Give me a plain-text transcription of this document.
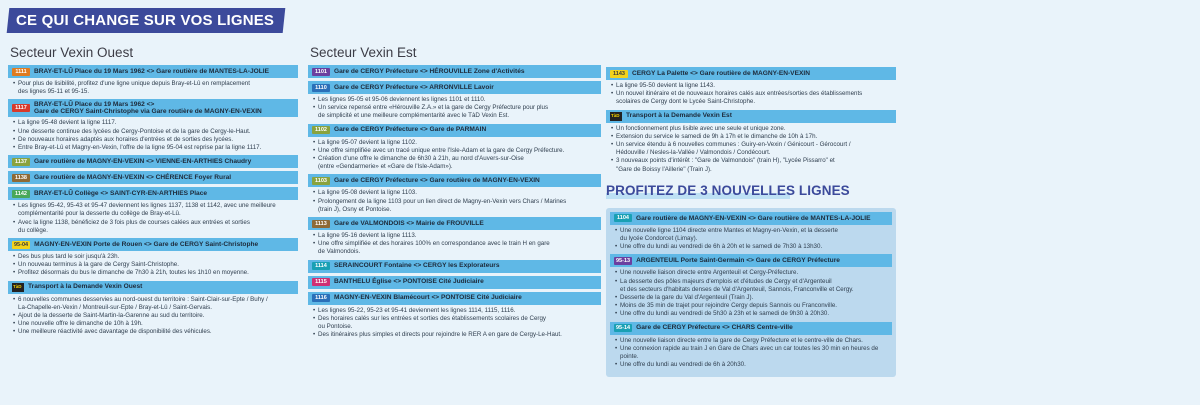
CE QUI CHANGE SUR VOS LIGNES
Secteur Vexin Ouest
1111	BRAY-ET-LÛ Place du 19 Mars 1962 <> Gare routière de MANTES-LA-JOLIE
• Pour plus de lisibilité, profitez d'une ligne unique depuis Bray-et-Lû en remplacement
des lignes 95-11 et 95-15.
1117
BRAY-ET-LÛ Place du 19 Mars 1962 <>
Gare de CERGY Saint-Christophe via Gare routière de MAGNY-EN-VEXIN
• La ligne 95-48 devient la ligne 1117.
• Une desserte continue des lycées de Cergy-Pontoise et de la gare de Cergy-le-Haut.
• De nouveaux horaires adaptés aux horaires d'entrées et de sorties des lycées.
• Entre Bray-et-Lû et Magny-en-Vexin, l'offre de la ligne 95-04 est reprise par la ligne 1117.
1137	Gare routière de MAGNY-EN-VEXIN <> VIENNE-EN-ARTHIES Chaudry
1138	Gare routière de MAGNY-EN-VEXIN <> CHÉRENCE Foyer Rural
1142	BRAY-ET-LÛ Collège <> SAINT-CYR-EN-ARTHIES Place
• Les lignes 95-42, 95-43 et 95-47 deviennent les lignes 1137, 1138 et 1142, avec une meilleure
complémentarité pour la desserte du collège de Bray-et-Lû.
• Avec la ligne 1138, bénéficiez de 3 fois plus de courses calées aux entrées et sorties
du collège.
95-04 MAGNY-EN-VEXIN Porte de Rouen <> Gare de CERGY Saint-Christophe
• Des bus plus tard le soir jusqu'à 23h.
• Un nouveau terminus à la gare de Cergy Saint-Christophe.
• Profitez désormais du bus le dimanche de 7h30 à 21h, toutes les 1h10 en moyenne.
TàD Transport à la Demande Vexin Ouest
• 6 nouvelles communes desservies au nord-ouest du territoire : Saint-Clair-sur-Epte / Buhy /
La-Chapelle-en-Vexin / Montreuil-sur-Epte / Bray-et-Lû / Saint-Gervais.
• Ajout de la desserte de Saint-Martin-la-Garenne au sud du territoire.
• Une nouvelle offre le dimanche de 10h à 19h.
• Une meilleure réactivité avec davantage de disponibilité des véhicules.
Secteur Vexin Est
1101	Gare de CERGY Préfecture <> HÉROUVILLE Zone d'Activités
1110	Gare de CERGY Préfecture <> ARRONVILLE Lavoir
• Les lignes 95-05 et 95-06 deviennent les lignes 1101 et 1110.
• Un service repensé entre «Hérouville Z.A.» et la gare de Cergy Préfecture pour plus
de simplicité et une meilleure complémentarité avec le TàD Vexin Est.
1102	Gare de CERGY Préfecture <> Gare de PARMAIN
• La ligne 95-07 devient la ligne 1102.
• Une offre simplifiée avec un tracé unique entre l'Isle-Adam et la gare de Cergy Préfecture.
• Création d'une offre le dimanche de 6h30 à 21h, au nord d'Auvers-sur-Oise
(entre «Gendarmerie» et «Gare de l'Isle-Adam»).
1103	Gare de CERGY Préfecture <> Gare routière de MAGNY-EN-VEXIN
• La ligne 95-08 devient la ligne 1103.
• Prolongement de la ligne 1103 pour un lien direct de Magny-en-Vexin vers Chars / Marines
(train J), Osny et Pontoise.
1113	Gare de VALMONDOIS <> Mairie de FROUVILLE
• La ligne 95-16 devient la ligne 1113.
• Une offre simplifiée et des horaires 100% en correspondance avec le train H en gare
de Valmondois.
1114	SERAINCOURT Fontaine <> CERGY les Explorateurs
1115	BANTHELU Église <> PONTOISE Cité Judiciaire
1116	MAGNY-EN-VEXIN Blamécourt <> PONTOISE Cité Judiciaire
• Les lignes 95-22, 95-23 et 95-41 deviennent les lignes 1114, 1115, 1116.
• Des horaires calés sur les entrées et sorties des établissements scolaires de Cergy
ou Pontoise.
• Des itinéraires plus simples et directs pour rejoindre le RER A en gare de Cergy-Le-Haut.
1143	CERGY La Palette <> Gare routière de MAGNY-EN-VEXIN
• La ligne 95-50 devient la ligne 1143.
• Un nouvel itinéraire et de nouveaux horaires calés aux entrées/sorties des établissements
scolaires de Cergy dont le Lycée Saint-Christophe.
TàD Transport à la Demande Vexin Est
• Un fonctionnement plus lisible avec une seule et unique zone.
• Extension du service le samedi de 9h à 17h et le dimanche de 10h à 17h.
• Un service étendu à 6 nouvelles communes : Guiry-en-Vexin / Génicourt - Gérocourt /
Hédouville / Nesles-la-Vallée / Valmondois / Condécourt.
• 3 nouveaux points d'intérêt : "Gare de Valmondois" (train H), "Lycée Pissarro" et
"Gare de Boissy l'Aillerie" (Train J).
PROFITEZ DE 3 NOUVELLES LIGNES
1104	Gare routière de MAGNY-EN-VEXIN <> Gare routière de MANTES-LA-JOLIE
• Une nouvelle ligne 1104 directe entre Mantes et Magny-en-Vexin, et la desserte
du lycée Condorcet (Limay).
• Une offre du lundi au vendredi de 6h à 20h et le samedi de 7h30 à 13h30.
95-13 ARGENTEUIL Porte Saint-Germain <> Gare de CERGY Préfecture
• Une nouvelle liaison directe entre Argenteuil et Cergy-Préfecture.
• La desserte des pôles majeurs d'emplois et d'études de Cergy et d'Argenteuil
et des secteurs d'habitats denses de Val d'Argenteuil, Sannois, Franconville et Cergy.
• Desserte de la gare du Val d'Argenteuil (Train J).
• Moins de 35 min de trajet pour rejoindre Cergy depuis Sannois ou Franconville.
• Une offre du lundi au vendredi de 5h30 à 23h et le samedi de 9h30 à 20h30.
95-14 Gare de CERGY Préfecture <> CHARS Centre-ville
• Une nouvelle liaison directe entre la gare de Cergy Préfecture et le centre-ville de Chars.
• Une connexion rapide au train J en Gare de Chars avec un car toutes les 30 min en heures de pointe.
• Une offre du lundi au vendredi de 6h à 20h30.
